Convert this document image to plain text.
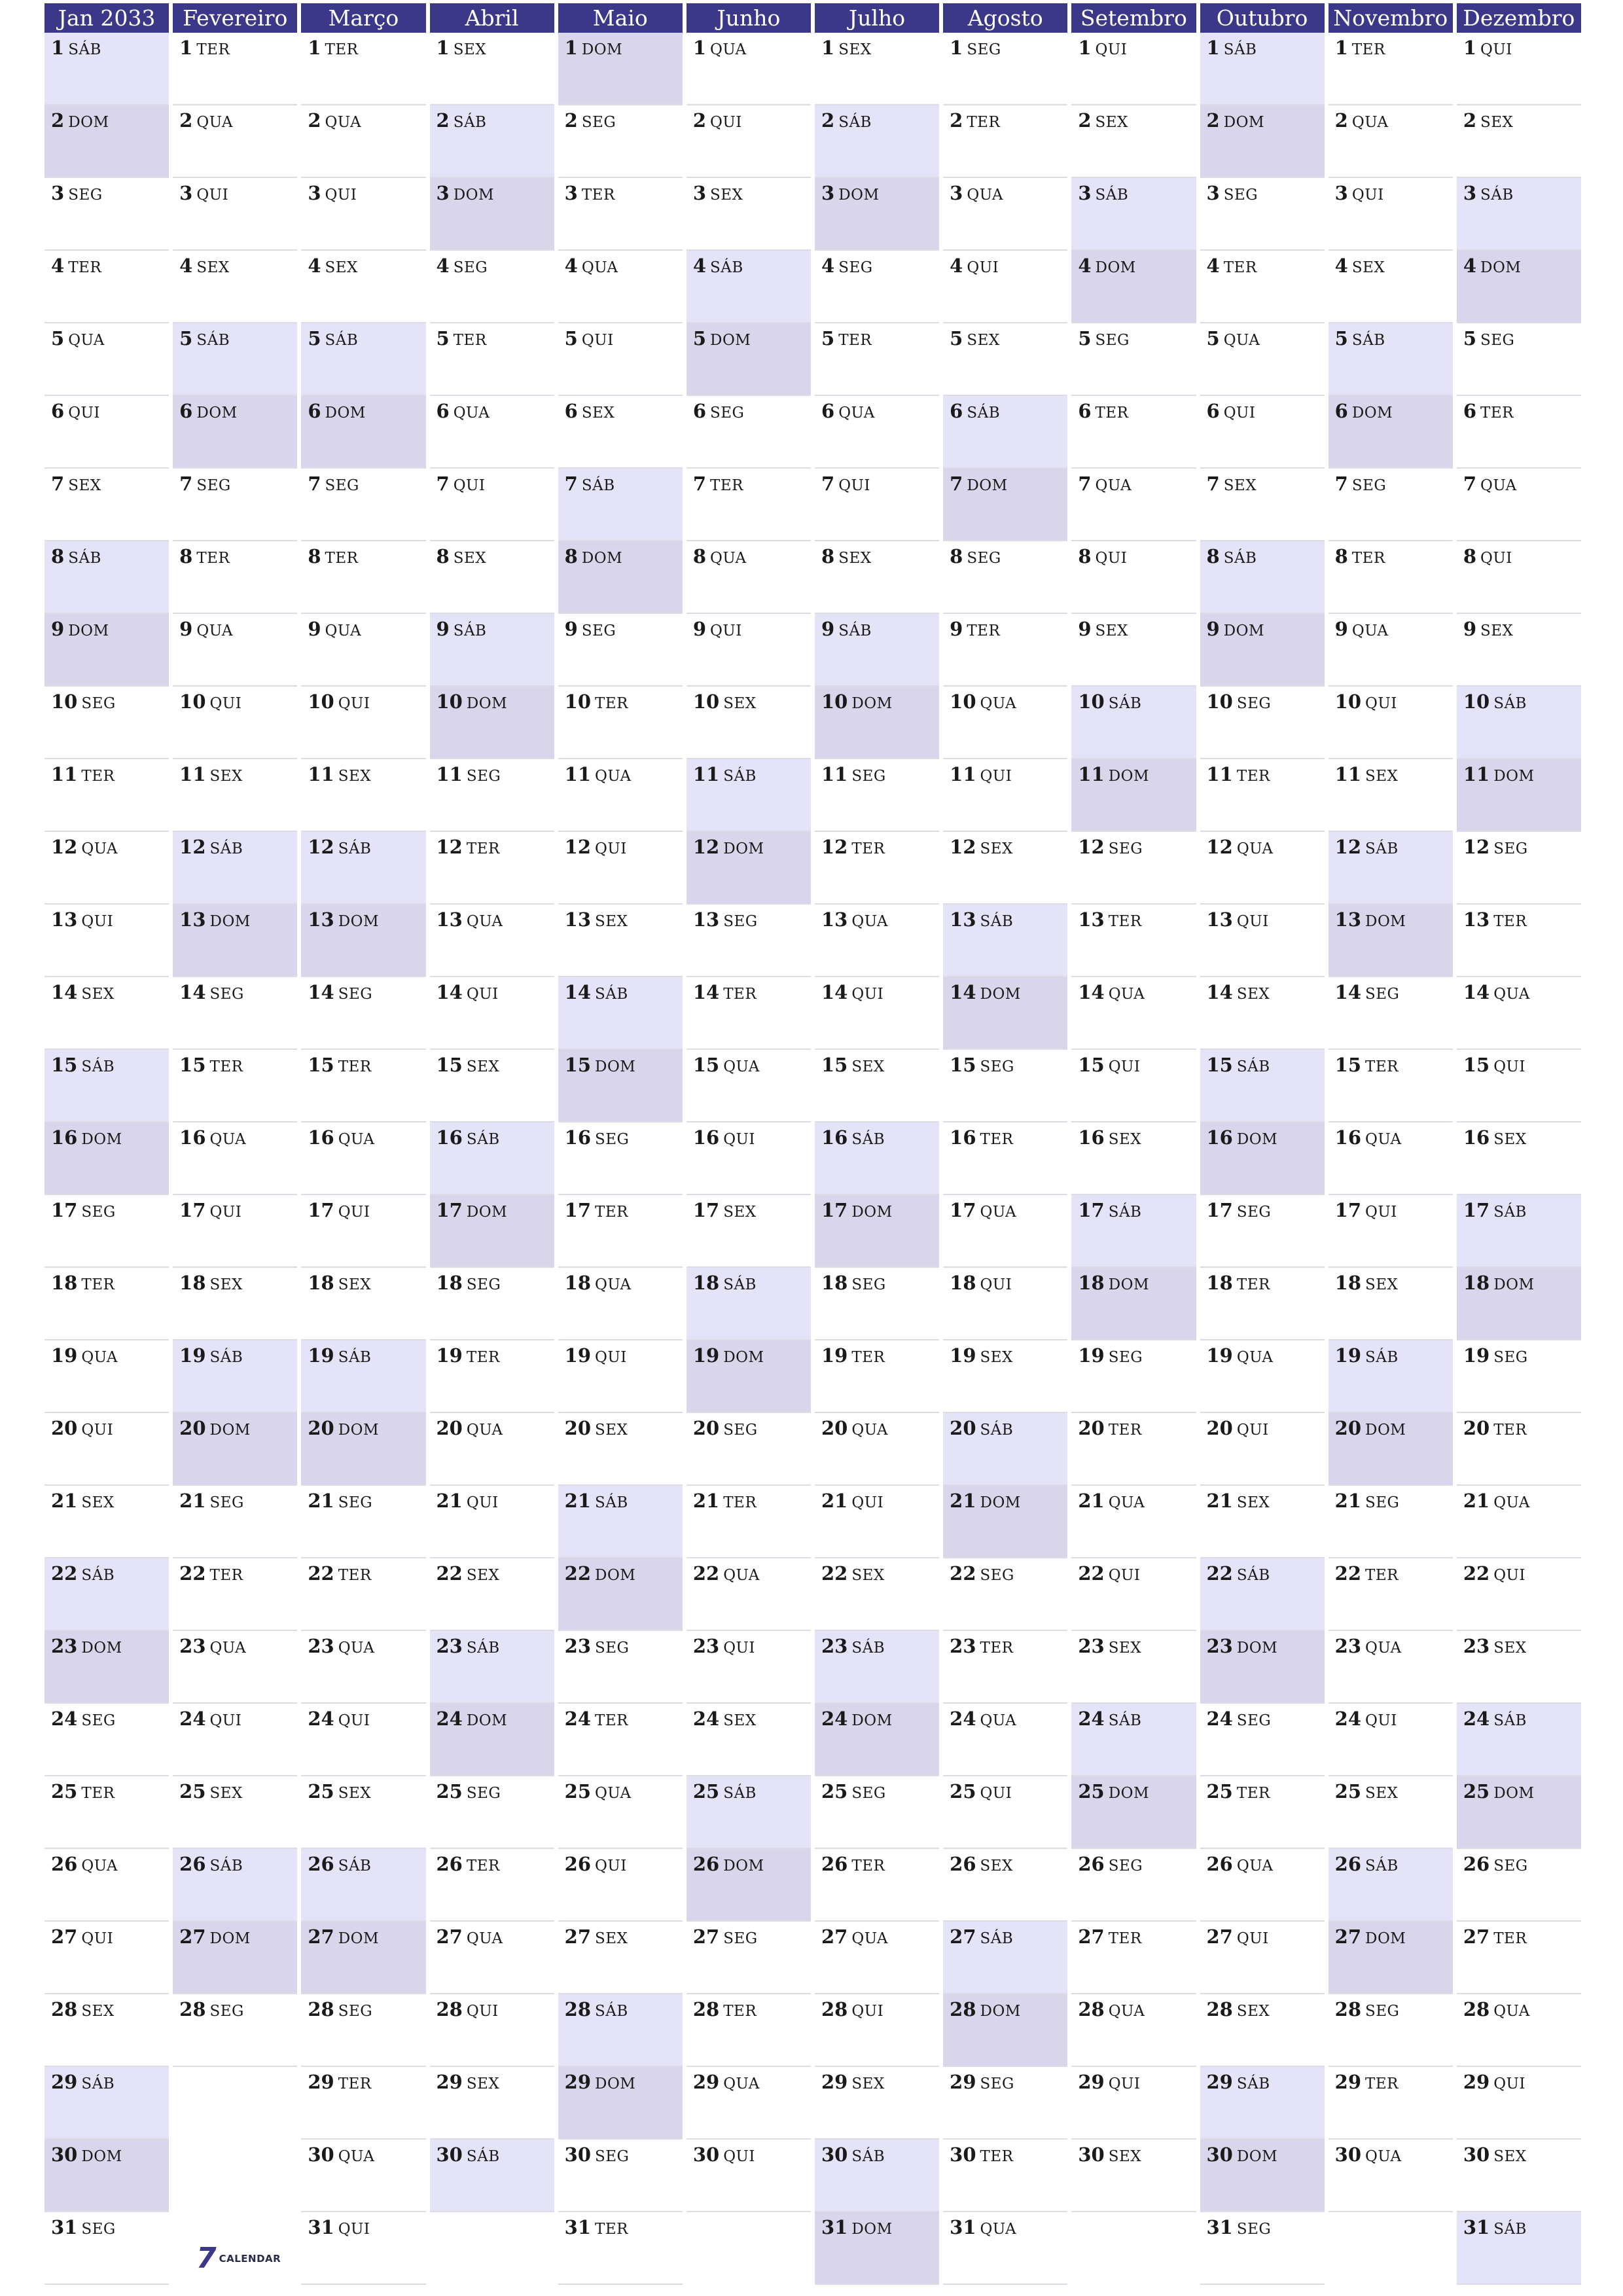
Jan 2033
1 SÁB
2 DOM
3 SEG
4 TER
5 QUA
6 QUI
7 SEX
8 SÁB
9 DOM
10 SEG
11 TER
12 QUA
13 QUI
14 SEX
15 SÁB
16 DOM
17 SEG
18 TER
19 QUA
20 QUI
21 SEX
22 SÁB
23 DOM
24 SEG
25 TER
26 QUA
27 QUI
28 SEX
29 SÁB
30 DOM
31 SEG
Fevereiro
1 TER
2 QUA
3 QUI
4 SEX
5 SÁB
6 DOM
7 SEG
8 TER
9 QUA
10 QUI
11 SEX
12 SÁB
13 DOM
14 SEG
15 TER
16 QUA
17 QUI
18 SEX
19 SÁB
20 DOM
21 SEG
22 TER
23 QUA
24 QUI
25 SEX
26 SÁB
27 DOM
28 SEG
Março
1 TER
2 QUA
3 QUI
4 SEX
5 SÁB
6 DOM
7 SEG
8 TER
9 QUA
10 QUI
11 SEX
12 SÁB
13 DOM
14 SEG
15 TER
16 QUA
17 QUI
18 SEX
19 SÁB
20 DOM
21 SEG
22 TER
23 QUA
24 QUI
25 SEX
26 SÁB
27 DOM
28 SEG
29 TER
30 QUA
31 QUI
Abril
1 SEX
2 SÁB
3 DOM
4 SEG
5 TER
6 QUA
7 QUI
8 SEX
9 SÁB
10 DOM
11 SEG
12 TER
13 QUA
14 QUI
15 SEX
16 SÁB
17 DOM
18 SEG
19 TER
20 QUA
21 QUI
22 SEX
23 SÁB
24 DOM
25 SEG
26 TER
27 QUA
28 QUI
29 SEX
30 SÁB
Maio
1 DOM
2 SEG
3 TER
4 QUA
5 QUI
6 SEX
7 SÁB
8 DOM
9 SEG
10 TER
11 QUA
12 QUI
13 SEX
14 SÁB
15 DOM
16 SEG
17 TER
18 QUA
19 QUI
20 SEX
21 SÁB
22 DOM
23 SEG
24 TER
25 QUA
26 QUI
27 SEX
28 SÁB
29 DOM
30 SEG
31 TER
Junho
1 QUA
2 QUI
3 SEX
4 SÁB
5 DOM
6 SEG
7 TER
8 QUA
9 QUI
10 SEX
11 SÁB
12 DOM
13 SEG
14 TER
15 QUA
16 QUI
17 SEX
18 SÁB
19 DOM
20 SEG
21 TER
22 QUA
23 QUI
24 SEX
25 SÁB
26 DOM
27 SEG
28 TER
29 QUA
30 QUI
Julho
1 SEX
2 SÁB
3 DOM
4 SEG
5 TER
6 QUA
7 QUI
8 SEX
9 SÁB
10 DOM
11 SEG
12 TER
13 QUA
14 QUI
15 SEX
16 SÁB
17 DOM
18 SEG
19 TER
20 QUA
21 QUI
22 SEX
23 SÁB
24 DOM
25 SEG
26 TER
27 QUA
28 QUI
29 SEX
30 SÁB
31 DOM
Agosto
1 SEG
2 TER
3 QUA
4 QUI
5 SEX
6 SÁB
7 DOM
8 SEG
9 TER
10 QUA
11 QUI
12 SEX
13 SÁB
14 DOM
15 SEG
16 TER
17 QUA
18 QUI
19 SEX
20 SÁB
21 DOM
22 SEG
23 TER
24 QUA
25 QUI
26 SEX
27 SÁB
28 DOM
29 SEG
30 TER
31 QUA
Setembro
1 QUI
2 SEX
3 SÁB
4 DOM
5 SEG
6 TER
7 QUA
8 QUI
9 SEX
10 SÁB
11 DOM
12 SEG
13 TER
14 QUA
15 QUI
16 SEX
17 SÁB
18 DOM
19 SEG
20 TER
21 QUA
22 QUI
23 SEX
24 SÁB
25 DOM
26 SEG
27 TER
28 QUA
29 QUI
30 SEX
Outubro
1 SÁB
2 DOM
3 SEG
4 TER
5 QUA
6 QUI
7 SEX
8 SÁB
9 DOM
10 SEG
11 TER
12 QUA
13 QUI
14 SEX
15 SÁB
16 DOM
17 SEG
18 TER
19 QUA
20 QUI
21 SEX
22 SÁB
23 DOM
24 SEG
25 TER
26 QUA
27 QUI
28 SEX
29 SÁB
30 DOM
31 SEG
Novembro
1 TER
2 QUA
3 QUI
4 SEX
5 SÁB
6 DOM
7 SEG
8 TER
9 QUA
10 QUI
11 SEX
12 SÁB
13 DOM
14 SEG
15 TER
16 QUA
17 QUI
18 SEX
19 SÁB
20 DOM
21 SEG
22 TER
23 QUA
24 QUI
25 SEX
26 SÁB
27 DOM
28 SEG
29 TER
30 QUA
Dezembro
1 QUI
2 SEX
3 SÁB
4 DOM
5 SEG
6 TER
7 QUA
8 QUI
9 SEX
10 SÁB
11 DOM
12 SEG
13 TER
14 QUA
15 QUI
16 SEX
17 SÁB
18 DOM
19 SEG
20 TER
21 QUA
22 QUI
23 SEX
24 SÁB
25 DOM
26 SEG
27 TER
28 QUA
29 QUI
30 SEX
31 SÁB
7 CALENDAR
